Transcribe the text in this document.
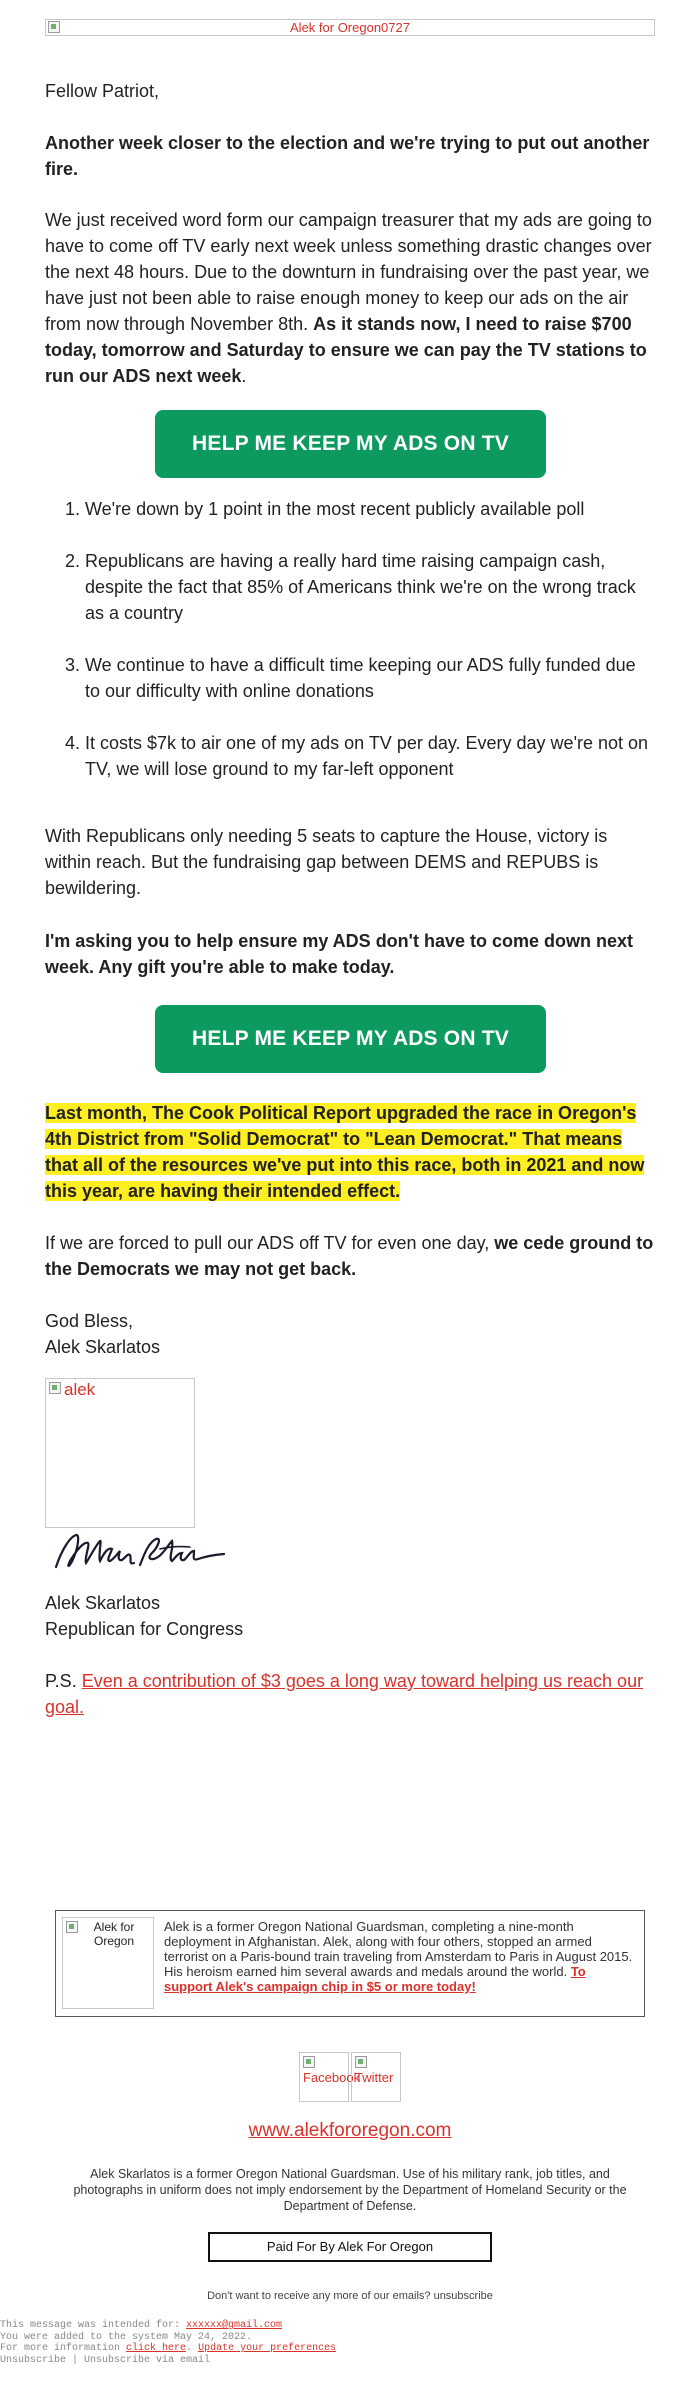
Alek for Oregon0727

Fellow Patriot,

Another week closer to the election and we're trying to put out another fire.

We just received word form our campaign treasurer that my ads are going to have to come off TV early next week unless something drastic changes over the next 48 hours. Due to the downturn in fundraising over the past year, we have just not been able to raise enough money to keep our ads on the air from now through November 8th. As it stands now, I need to raise $700 today, tomorrow and Saturday to ensure we can pay the TV stations to run our ADS next week.

HELP ME KEEP MY ADS ON TV
1. We're down by 1 point in the most recent publicly available poll
2. Republicans are having a really hard time raising campaign cash, despite the fact that 85% of Americans think we're on the wrong track as a country
3. We continue to have a difficult time keeping our ADS fully funded due to our difficulty with online donations
4. It costs $7k to air one of my ads on TV per day. Every day we're not on TV, we will lose ground to my far-left opponent

With Republicans only needing 5 seats to capture the House, victory is within reach. But the fundraising gap between DEMS and REPUBS is bewildering.

I'm asking you to help ensure my ADS don't have to come down next week. Any gift you're able to make today.

HELP ME KEEP MY ADS ON TV

Last month, The Cook Political Report upgraded the race in Oregon's 4th District from "Solid Democrat" to "Lean Democrat." That means that all of the resources we've put into this race, both in 2021 and now this year, are having their intended effect.

If we are forced to pull our ADS off TV for even one day, we cede ground to the Democrats we may not get back.

God Bless,

Alek Skarlatos

alek

Alek Skarlatos

Republican for Congress

P.S. Even a contribution of $3 goes a long way toward helping us reach our goal.

Alek for Oregon
Alek is a former Oregon National Guardsman, completing a nine-month deployment in Afghanistan. Alek, along with four others, stopped an armed terrorist on a Paris-bound train traveling from Amsterdam to Paris in August 2015. His heroism earned him several awards and medals around the world. To support Alek's campaign chip in $5 or more today!
Facebook
Twitter
www.alekfororegon.com
Alek Skarlatos is a former Oregon National Guardsman. Use of his military rank, job titles, and photographs in uniform does not imply endorsement by the Department of Homeland Security or the Department of Defense.
Paid For By Alek For Oregon
Don't want to receive any more of our emails? unsubscribe
This message was intended for: xxxxxx@gmail.com
You were added to the system May 24, 2022.
For more information click here. Update your preferences
Unsubscribe | Unsubscribe via email
